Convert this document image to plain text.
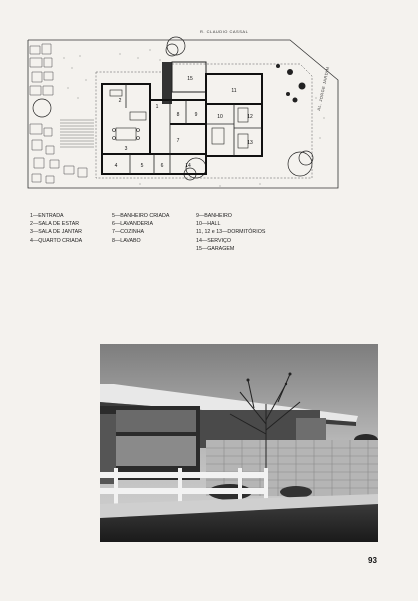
R. CLAUDIO CASSAL
AL. JORGE JARDIM
1
2
3
4	5	6
7
8	9	10
11
12
13
14
15
1—ENTRADA
2—SALA DE ESTAR
3—SALA DE JANTAR
4—QUARTO CRIADA
5—BANHEIRO CRIADA
6—LAVANDERIA
7—COZINHA
8—LAVABO
9—BANHEIRO
10—HALL
11, 12 e 13—DORMITÓRIOS
14—SERVIÇO
15—GARAGEM
93
